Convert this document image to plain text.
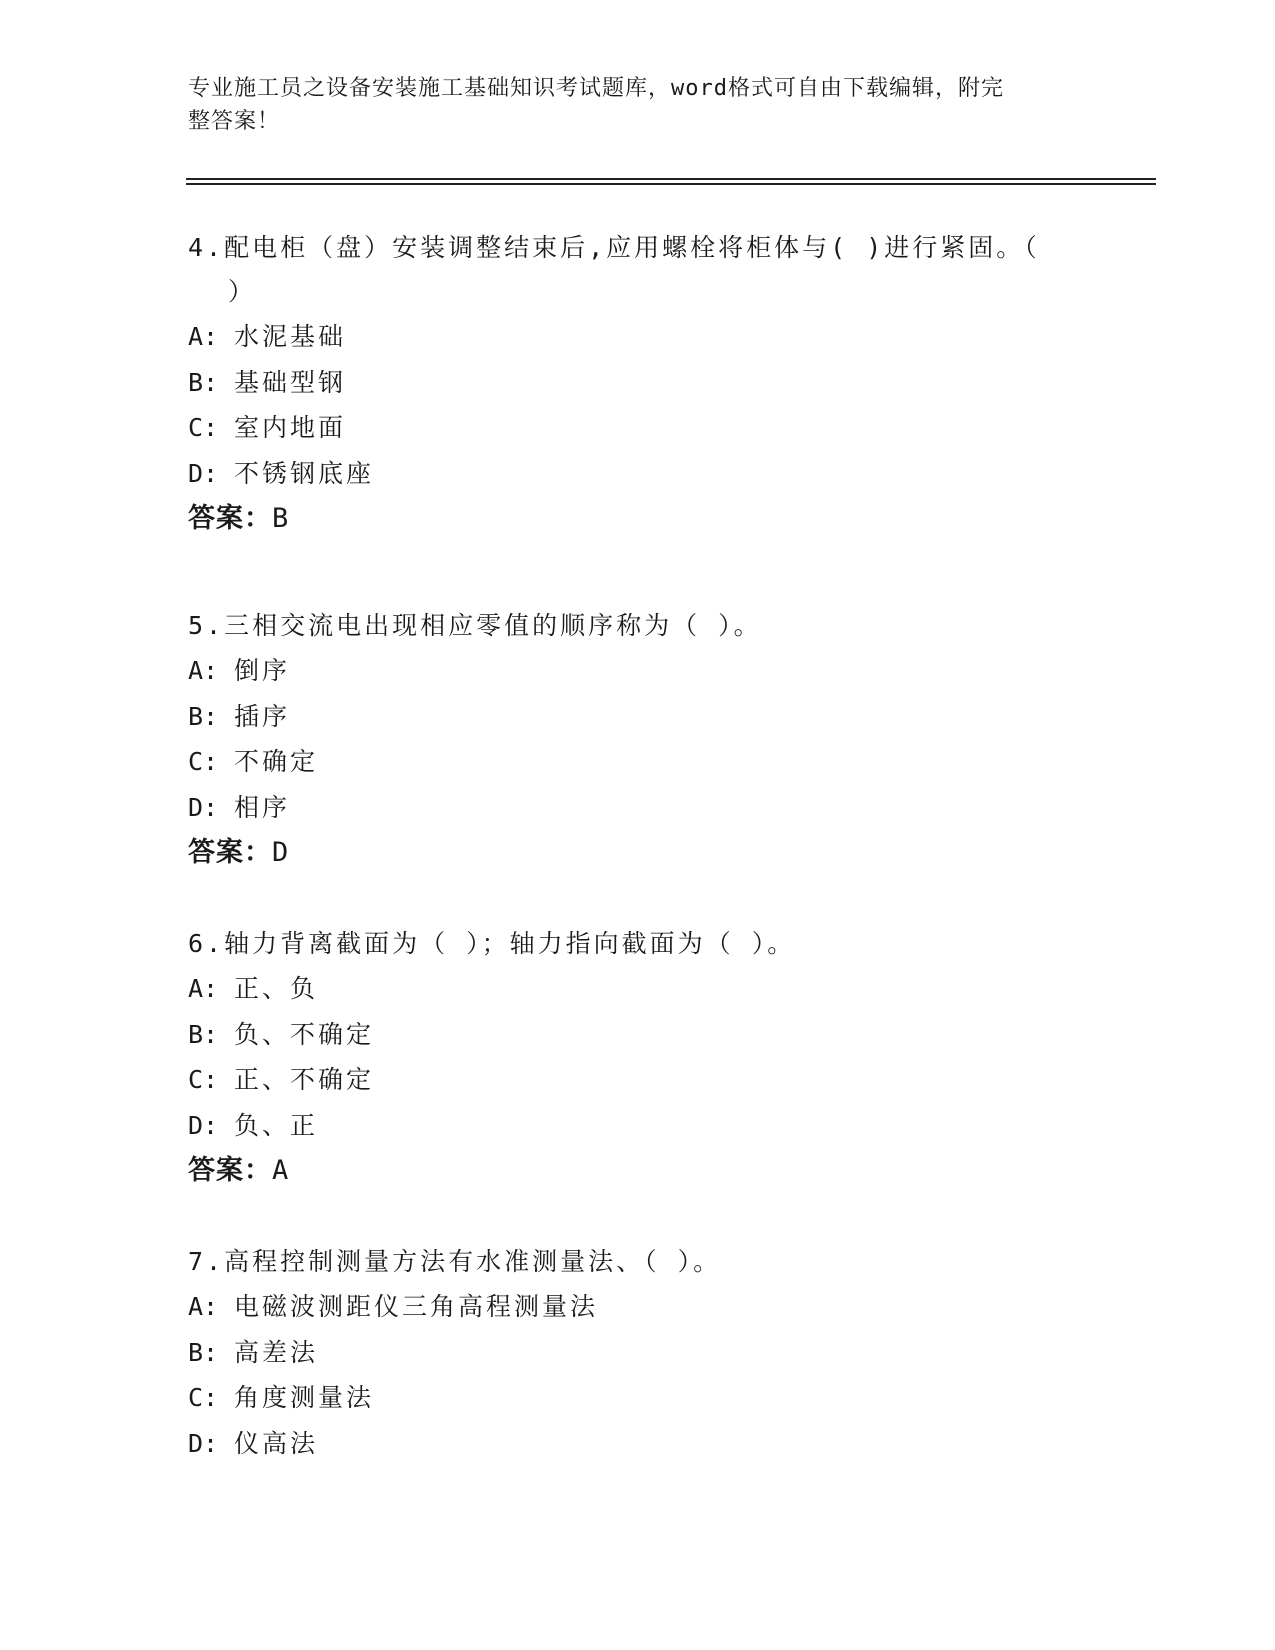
专业施工员之设备安装施工基础知识考试题库，word格式可自由下载编辑，附完
整答案！
4.配电柜（盘）安装调整结束后,应用螺栓将柜体与( )进行紧固。（
）
A: 水泥基础
B: 基础型钢
C: 室内地面
D: 不锈钢底座
答案：B
5.三相交流电出现相应零值的顺序称为（ ）。
A: 倒序
B: 插序
C: 不确定
D: 相序
答案：D
6.轴力背离截面为（ ）；轴力指向截面为（ ）。
A: 正、负
B: 负、不确定
C: 正、不确定
D: 负、正
答案：A
7.高程控制测量方法有水准测量法、（ ）。
A: 电磁波测距仪三角高程测量法
B: 高差法
C: 角度测量法
D: 仪高法
